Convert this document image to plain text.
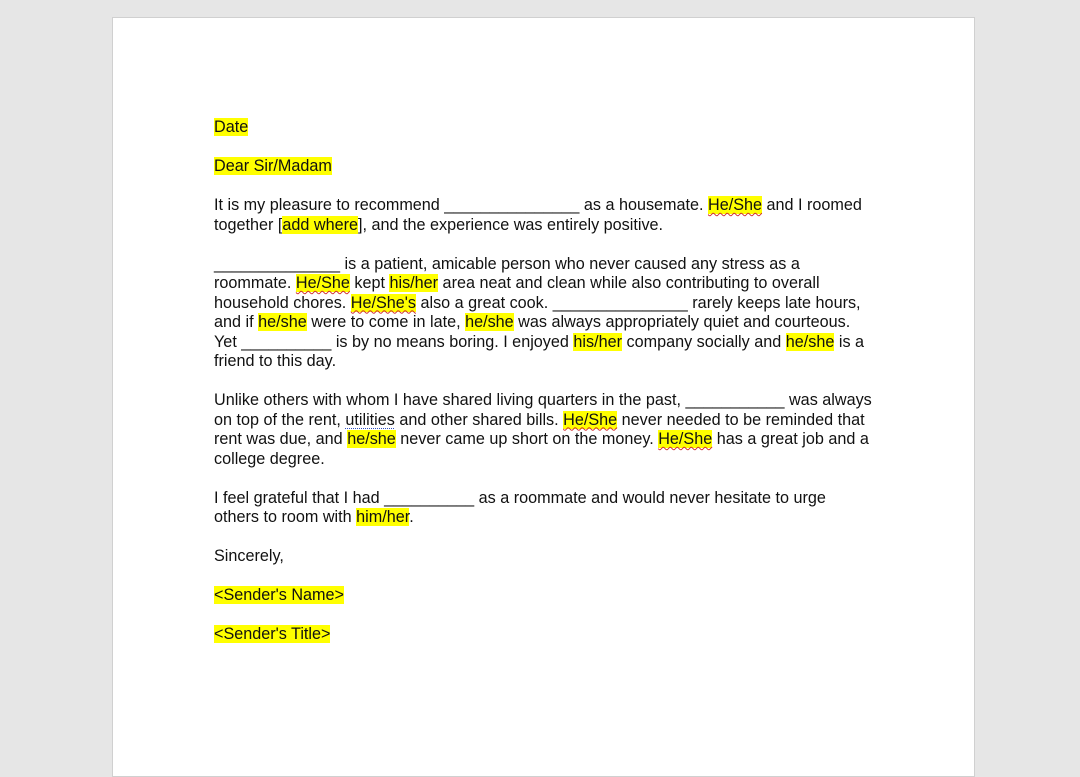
Date

Dear Sir/Madam

It is my pleasure to recommend _______________ as a housemate. He/She and I roomed together [add where], and the experience was entirely positive.

______________ is a patient, amicable person who never caused any stress as a roommate. He/She kept his/her area neat and clean while also contributing to overall household chores. He/She's also a great cook. _______________ rarely keeps late hours, and if he/she were to come in late, he/she was always appropriately quiet and courteous. Yet __________ is by no means boring. I enjoyed his/her company socially and he/she is a friend to this day.

Unlike others with whom I have shared living quarters in the past, ___________ was always on top of the rent, utilities and other shared bills. He/She never needed to be reminded that rent was due, and he/she never came up short on the money. He/She has a great job and a college degree.

I feel grateful that I had __________ as a roommate and would never hesitate to urge others to room with him/her.

Sincerely,

<Sender's Name>

<Sender's Title>
